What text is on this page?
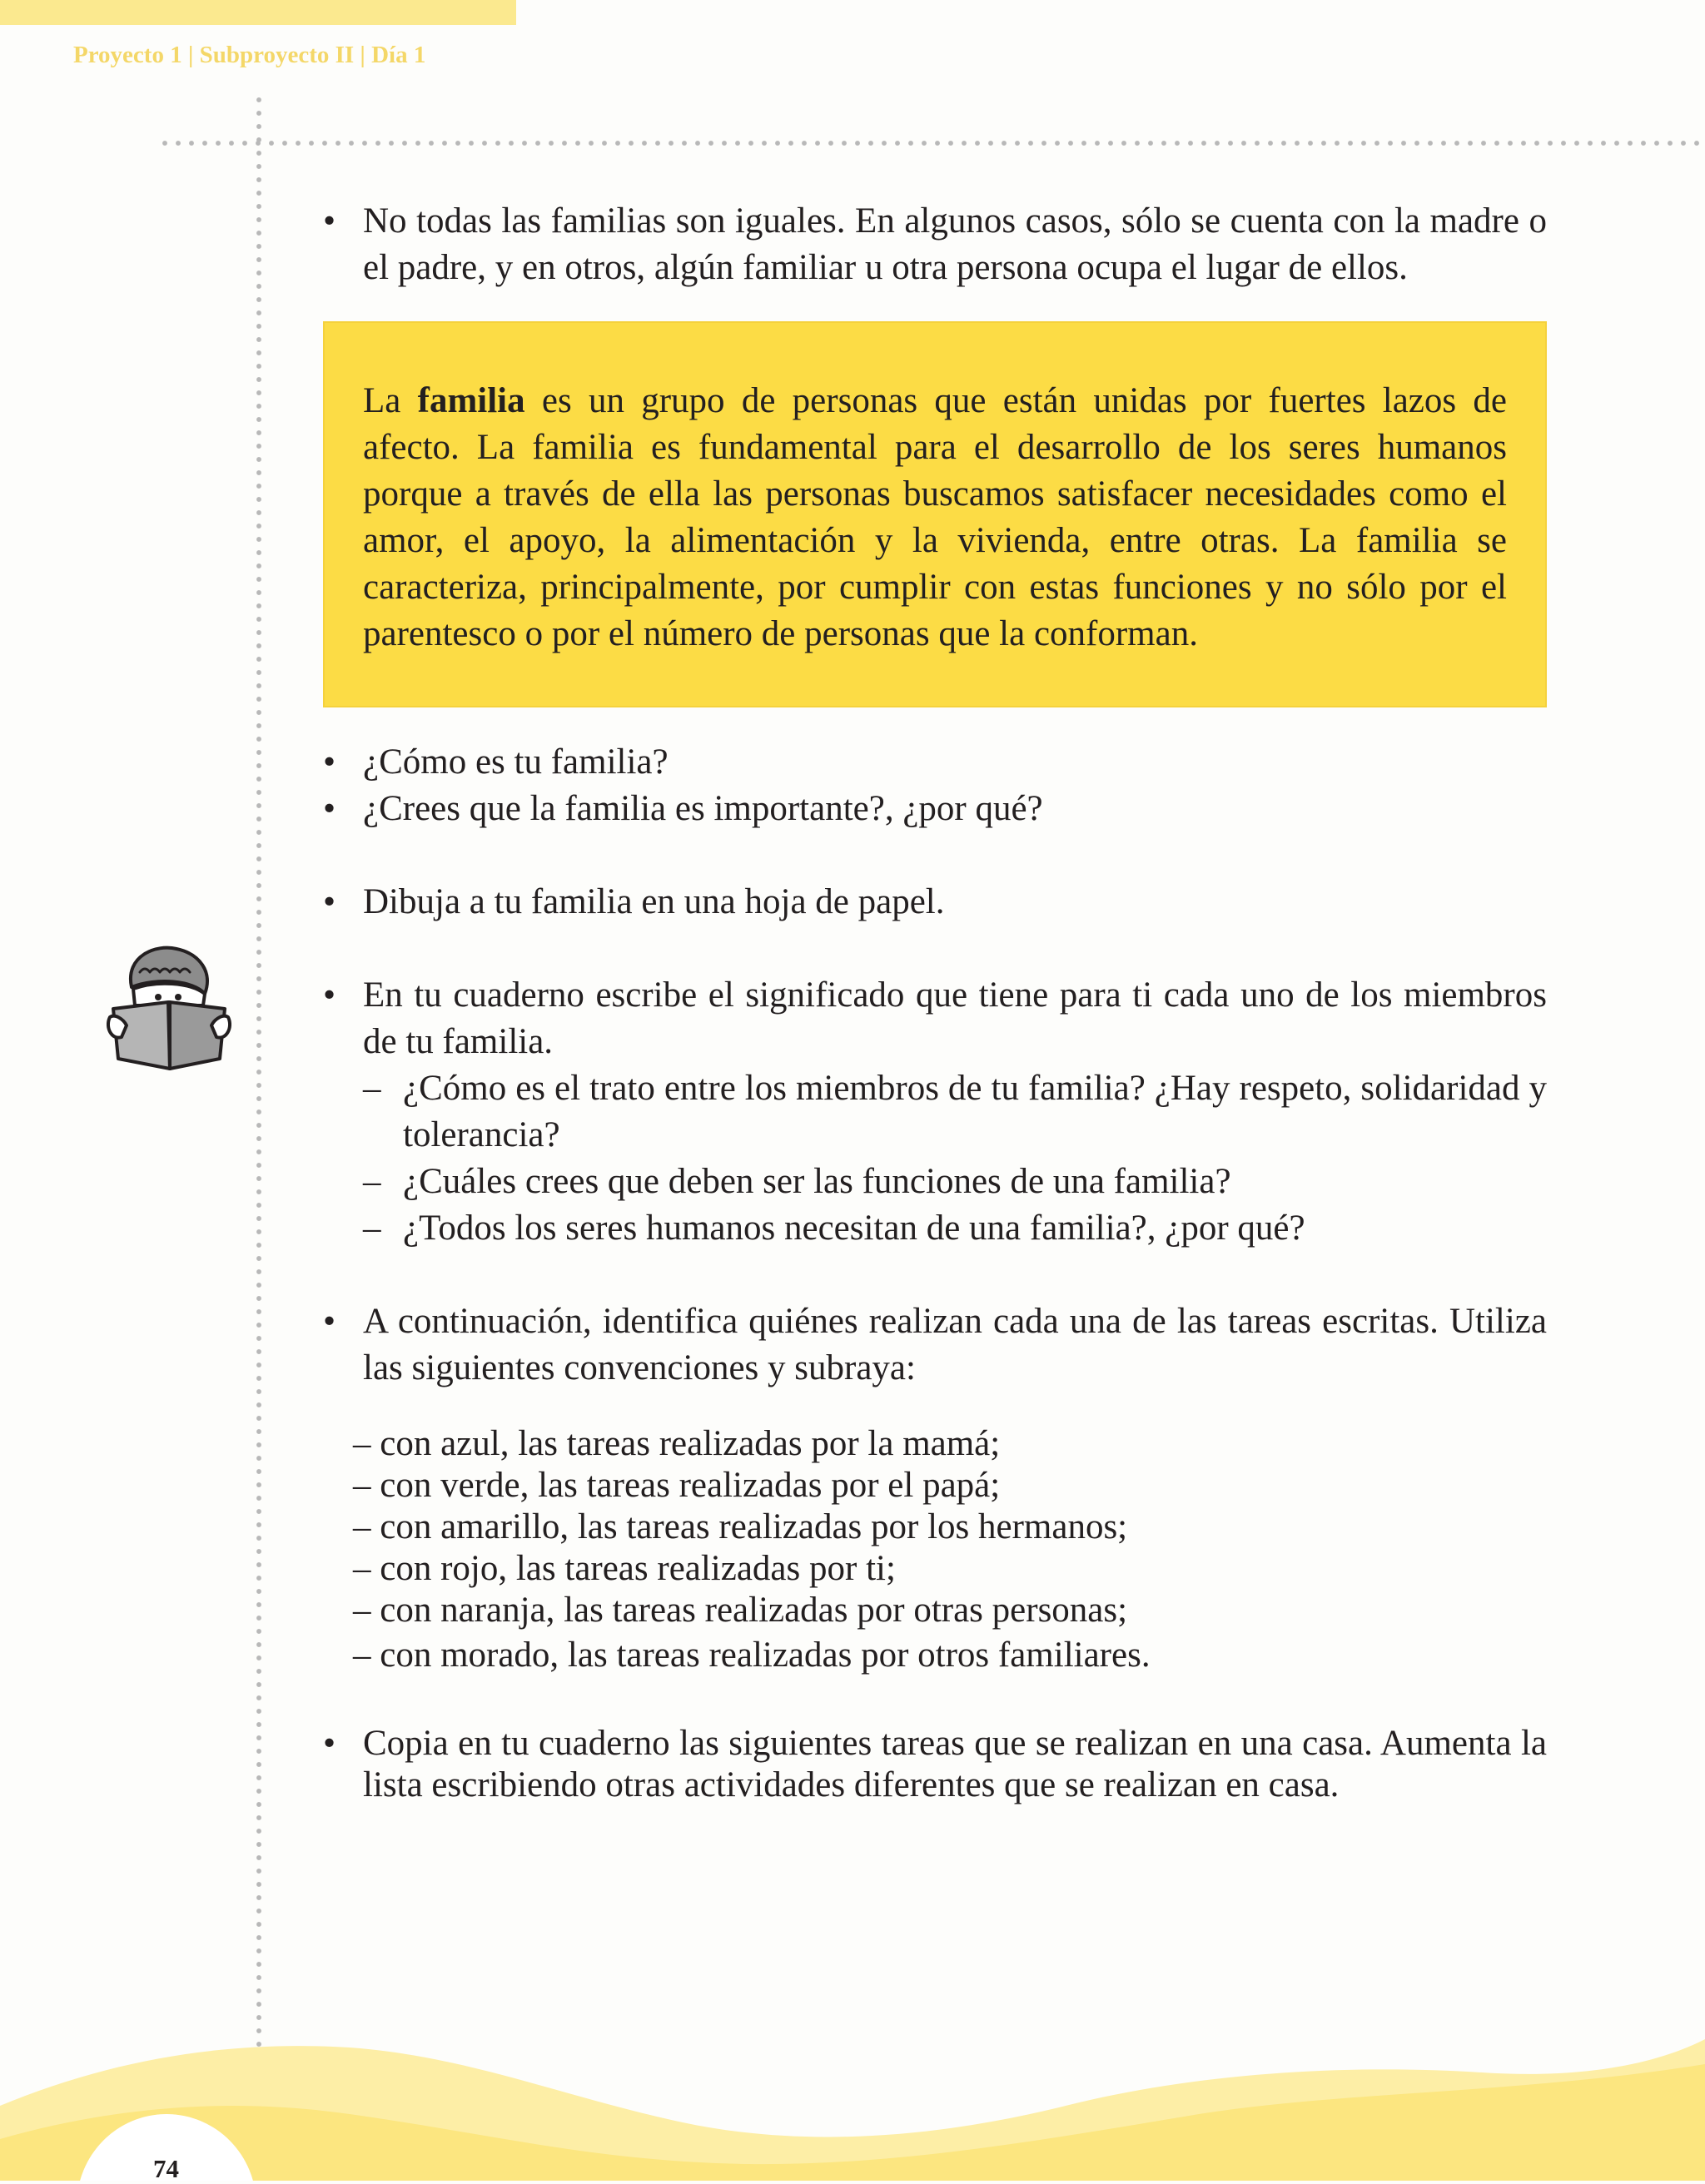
Proyecto 1 | Subproyecto II | Día 1

• No todas las familias son iguales. En algunos casos, sólo se cuenta con la madre o el padre, y en otros, algún familiar u otra persona ocupa el lugar de ellos.

La familia es un grupo de personas que están unidas por fuertes lazos de afecto. La familia es fundamental para el desarrollo de los seres humanos porque a través de ella las personas buscamos satisfacer necesidades como el amor, el apoyo, la alimentación y la vivienda, entre otras. La familia se caracteriza, principalmente, por cumplir con estas funciones y no sólo por el parentesco o por el número de personas que la conforman.

• ¿Cómo es tu familia?

• ¿Crees que la familia es importante?, ¿por qué?

• Dibuja a tu familia en una hoja de papel.

• En tu cuaderno escribe el significado que tiene para ti cada uno de los miembros de tu familia.

– ¿Cómo es el trato entre los miembros de tu familia? ¿Hay respeto, solidaridad y tolerancia?

– ¿Cuáles crees que deben ser las funciones de una familia?

– ¿Todos los seres humanos necesitan de una familia?, ¿por qué?

• A continuación, identifica quiénes realizan cada una de las tareas escritas. Utiliza las siguientes convenciones y subraya:

– con azul, las tareas realizadas por la mamá;

– con verde, las tareas realizadas por el papá;

– con amarillo, las tareas realizadas por los hermanos;

– con rojo, las tareas realizadas por ti;

– con naranja, las tareas realizadas por otras personas;

– con morado, las tareas realizadas por otros familiares.

• Copia en tu cuaderno las siguientes tareas que se realizan en una casa. Aumenta la lista escribiendo otras actividades diferentes que se realizan en casa.

74
